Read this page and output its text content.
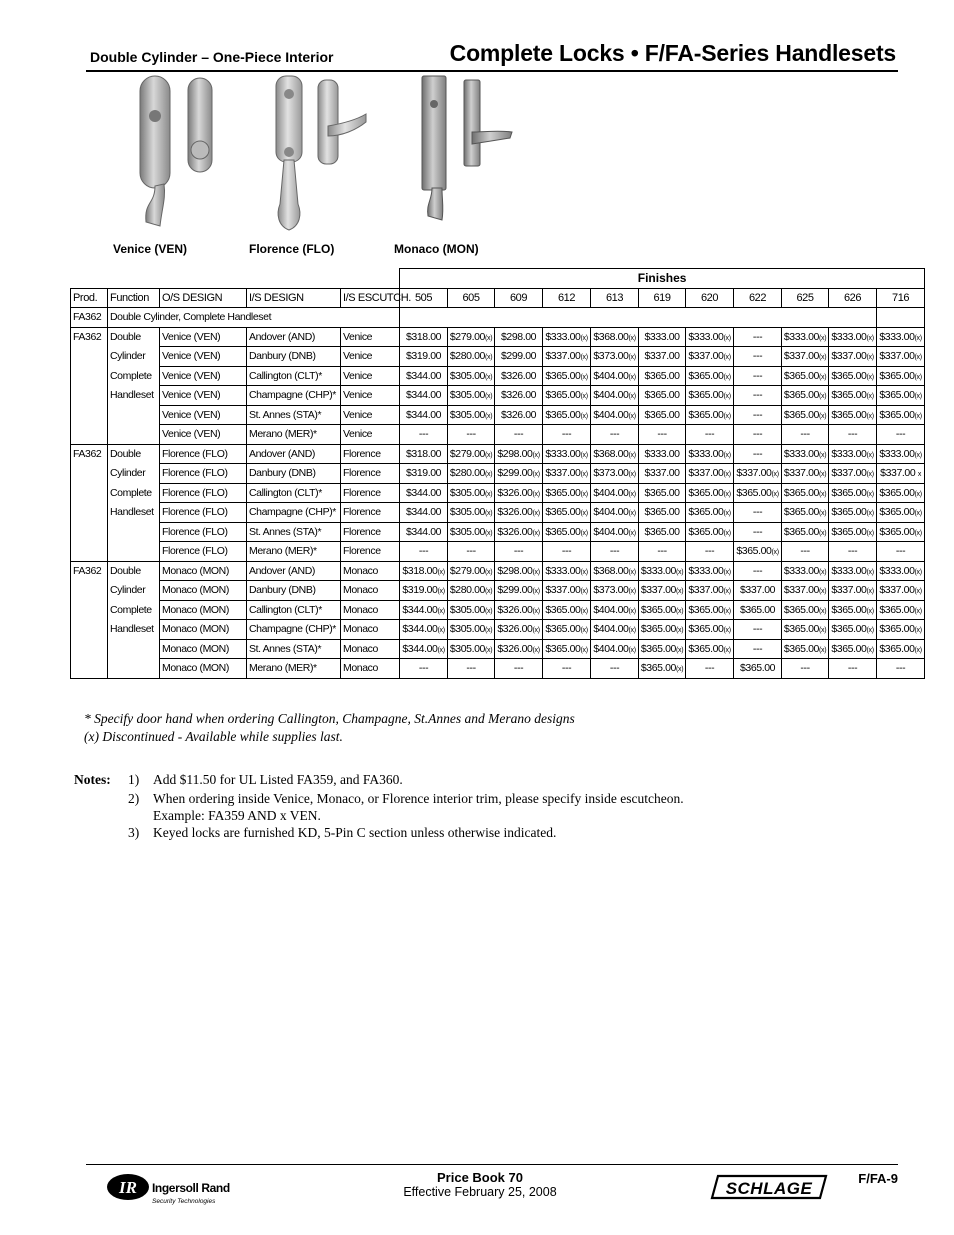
Double Cylinder – One-Piece Interior	Complete Locks • F/FA-Series Handlesets
Venice (VEN)	Florence (FLO)	Monaco (MON)
					Finishes										
Prod.	Function	O/S DESIGN	I/S DESIGN	I/S ESCUTCH.	505	605	609	612	613	619	620	622	625	626	716
FA362	Double Cylinder, Complete Handleset														
FA362	Double	Venice (VEN)	Andover (AND)	Venice	$318.00	$279.00(x)	$298.00	$333.00(x)	$368.00(x)	$333.00	$333.00(x)	---	$333.00(x)	$333.00(x)	$333.00(x)
	Cylinder	Venice (VEN)	Danbury (DNB)	Venice	$319.00	$280.00(x)	$299.00	$337.00(x)	$373.00(x)	$337.00	$337.00(x)	---	$337.00(x)	$337.00(x)	$337.00(x)
	Complete	Venice (VEN)	Callington (CLT)*	Venice	$344.00	$305.00(x)	$326.00	$365.00(x)	$404.00(x)	$365.00	$365.00(x)	---	$365.00(x)	$365.00(x)	$365.00(x)
	Handleset	Venice (VEN)	Champagne (CHP)*	Venice	$344.00	$305.00(x)	$326.00	$365.00(x)	$404.00(x)	$365.00	$365.00(x)	---	$365.00(x)	$365.00(x)	$365.00(x)
		Venice (VEN)	St. Annes (STA)*	Venice	$344.00	$305.00(x)	$326.00	$365.00(x)	$404.00(x)	$365.00	$365.00(x)	---	$365.00(x)	$365.00(x)	$365.00(x)
		Venice (VEN)	Merano (MER)*	Venice	---	---	---	---	---	---	---	---	---	---	---
FA362	Double	Florence (FLO)	Andover (AND)	Florence	$318.00	$279.00(x)	$298.00(x)	$333.00(x)	$368.00(x)	$333.00	$333.00(x)	---	$333.00(x)	$333.00(x)	$333.00(x)
	Cylinder	Florence (FLO)	Danbury (DNB)	Florence	$319.00	$280.00(x)	$299.00(x)	$337.00(x)	$373.00(x)	$337.00	$337.00(x)	$337.00(x)	$337.00(x)	$337.00(x)	$337.00 x
	Complete	Florence (FLO)	Callington (CLT)*	Florence	$344.00	$305.00(x)	$326.00(x)	$365.00(x)	$404.00(x)	$365.00	$365.00(x)	$365.00(x)	$365.00(x)	$365.00(x)	$365.00(x)
	Handleset	Florence (FLO)	Champagne (CHP)*	Florence	$344.00	$305.00(x)	$326.00(x)	$365.00(x)	$404.00(x)	$365.00	$365.00(x)	---	$365.00(x)	$365.00(x)	$365.00(x)
		Florence (FLO)	St. Annes (STA)*	Florence	$344.00	$305.00(x)	$326.00(x)	$365.00(x)	$404.00(x)	$365.00	$365.00(x)	---	$365.00(x)	$365.00(x)	$365.00(x)
		Florence (FLO)	Merano (MER)*	Florence	---	---	---	---	---	---	---	$365.00(x)	---	---	---
FA362	Double	Monaco (MON)	Andover (AND)	Monaco	$318.00(x)	$279.00(x)	$298.00(x)	$333.00(x)	$368.00(x)	$333.00(x)	$333.00(x)	---	$333.00(x)	$333.00(x)	$333.00(x)
	Cylinder	Monaco (MON)	Danbury (DNB)	Monaco	$319.00(x)	$280.00(x)	$299.00(x)	$337.00(x)	$373.00(x)	$337.00(x)	$337.00(x)	$337.00	$337.00(x)	$337.00(x)	$337.00(x)
	Complete	Monaco (MON)	Callington (CLT)*	Monaco	$344.00(x)	$305.00(x)	$326.00(x)	$365.00(x)	$404.00(x)	$365.00(x)	$365.00(x)	$365.00	$365.00(x)	$365.00(x)	$365.00(x)
	Handleset	Monaco (MON)	Champagne (CHP)*	Monaco	$344.00(x)	$305.00(x)	$326.00(x)	$365.00(x)	$404.00(x)	$365.00(x)	$365.00(x)	---	$365.00(x)	$365.00(x)	$365.00(x)
		Monaco (MON)	St. Annes (STA)*	Monaco	$344.00(x)	$305.00(x)	$326.00(x)	$365.00(x)	$404.00(x)	$365.00(x)	$365.00(x)	---	$365.00(x)	$365.00(x)	$365.00(x)
		Monaco (MON)	Merano (MER)*	Monaco	---	---	---	---	---	$365.00(x)	---	$365.00	---	---	---
* Specify door hand when ordering Callington, Champagne, St.Annes and Merano designs
(x) Discontinued - Available while supplies last.
Notes: 1)	Add $11.50 for UL Listed FA359, and FA360.
2)	When ordering inside Venice, Monaco, or Florence interior trim, please specify inside escutcheon.
Example: FA359 AND x VEN.
3)	Keyed locks are furnished KD, 5-Pin C section unless otherwise indicated.
IR Ingersoll Rand
Security Technologies
Price Book 70
Effective February 25, 2008	SCHLAGE
F/FA-9
